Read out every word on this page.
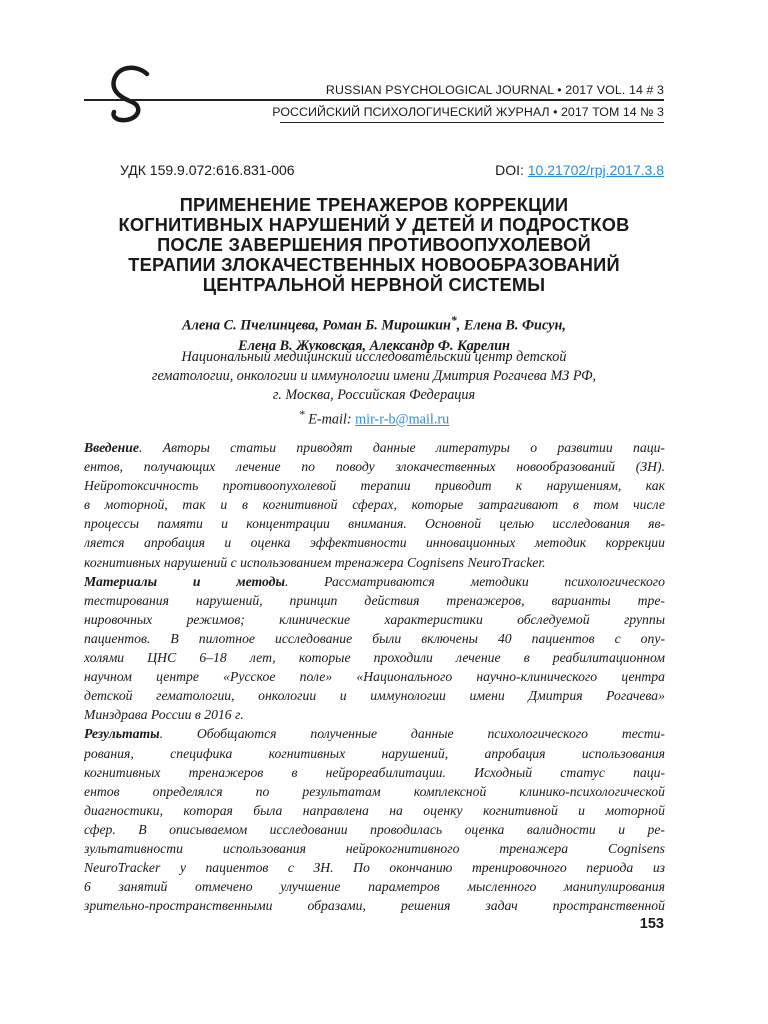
RUSSIAN PSYCHOLOGICAL JOURNAL • 2017 VOL. 14 # 3
РОССИЙСКИЙ ПСИХОЛОГИЧЕСКИЙ ЖУРНАЛ • 2017 ТОМ 14 № 3
УДК 159.9.072:616.831-006	DOI: 10.21702/rpj.2017.3.8
ПРИМЕНЕНИЕ ТРЕНАЖЕРОВ КОРРЕКЦИИ
КОГНИТИВНЫХ НАРУШЕНИЙ У ДЕТЕЙ И ПОДРОСТКОВ
ПОСЛЕ ЗАВЕРШЕНИЯ ПРОТИВООПУХОЛЕВОЙ
ТЕРАПИИ ЗЛОКАЧЕСТВЕННЫХ НОВООБРАЗОВАНИЙ
ЦЕНТРАЛЬНОЙ НЕРВНОЙ СИСТЕМЫ
Алена С. Пчелинцева, Роман Б. Мирошкин*, Елена В. Фисун,
Елена В. Жуковская, Александр Ф. Карелин
Национальный медицинский исследовательский центр детской
гематологии, онкологии и иммунологии имени Дмитрия Рогачева МЗ РФ,
г. Москва, Российская Федерация
* E-mail: mir-r-b@mail.ru
Введение. Авторы статьи приводят данные литературы о развитии паци-
ентов, получающих лечение по поводу злокачественных новообразований (ЗН).
Нейротоксичность противоопухолевой терапии приводит к нарушениям, как
в моторной, так и в когнитивной сферах, которые затрагивают в том числе
процессы памяти и концентрации внимания. Основной целью исследования яв-
ляется апробация и оценка эффективности инновационных методик коррекции
когнитивных нарушений с использованием тренажера Cognisens NeuroTracker.
Материалы и методы. Рассматриваются методики психологического
тестирования нарушений, принцип действия тренажеров, варианты тре-
нировочных режимов; клинические характеристики обследуемой группы
пациентов. В пилотное исследование были включены 40 пациентов с опу-
холями ЦНС 6–18 лет, которые проходили лечение в реабилитационном
научном центре «Русское поле» «Национального научно-клинического центра
детской гематологии, онкологии и иммунологии имени Дмитрия Рогачева»
Минздрава России в 2016 г.
Результаты. Обобщаются полученные данные психологического тести-
рования, специфика когнитивных нарушений, апробация использования
когнитивных тренажеров в нейрореабилитации. Исходный статус паци-
ентов определялся по результатам комплексной клинико-психологической
диагностики, которая была направлена на оценку когнитивной и моторной
сфер. В описываемом исследовании проводилась оценка валидности и ре-
зультативности использования нейрокогнитивного тренажера Cognisens
NeuroTracker у пациентов с ЗН. По окончанию тренировочного периода из
6 занятий отмечено улучшение параметров мысленного манипулирования
зрительно-пространственными образами, решения задач пространственной
153
